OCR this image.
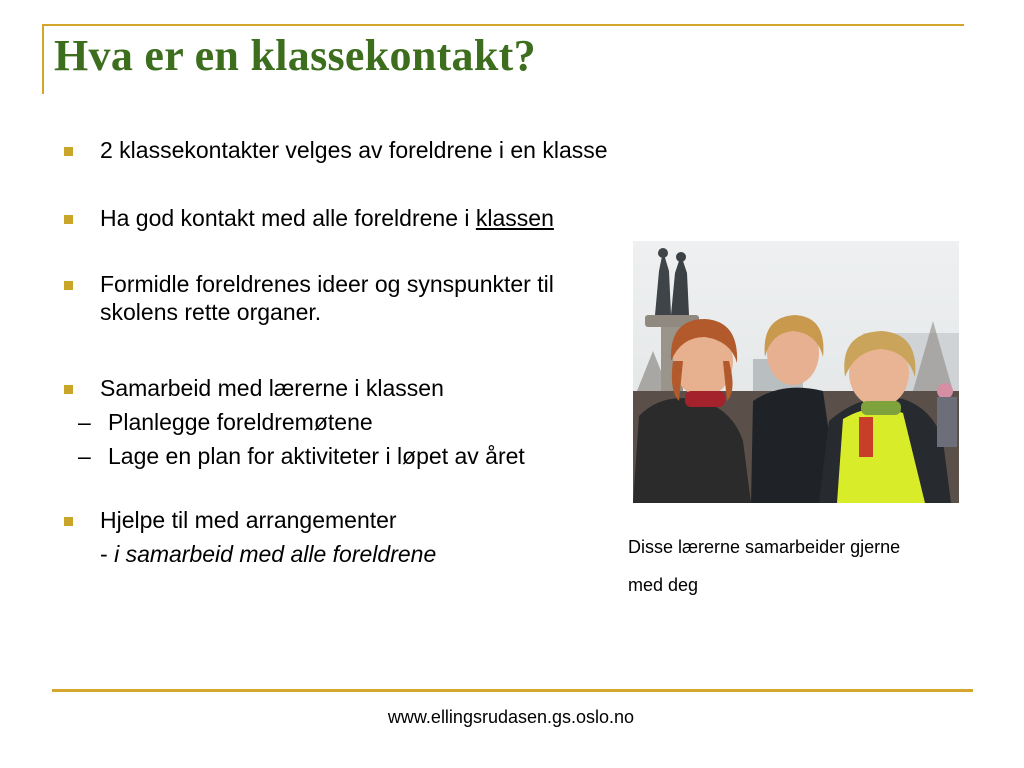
Hva er en klassekontakt?
2 klassekontakter velges av foreldrene i en klasse
Ha god kontakt med alle foreldrene i klassen
Formidle foreldrenes ideer og synspunkter til skolens rette organer.
Samarbeid med lærerne i klassen
– Planlegge foreldremøtene
– Lage en plan for aktiviteter i løpet av året
Hjelpe til med arrangementer
- i samarbeid med alle foreldrene	Disse lærerne samarbeider gjerne
med deg
www.ellingsrudasen.gs.oslo.no
